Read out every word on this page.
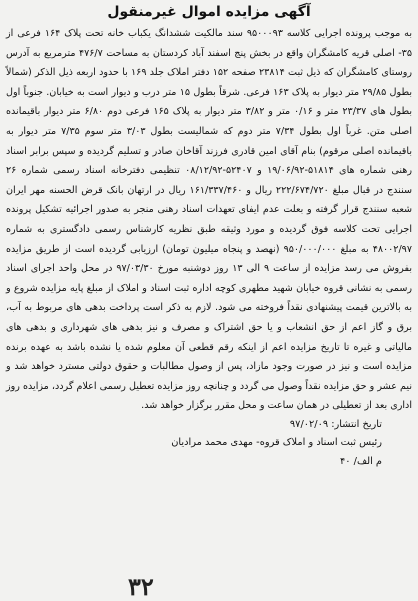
آگهی مزایده اموال غیرمنقول
به موجب پرونده اجرایی کلاسه ۹۵۰۰۰۹۳ سند مالکیت ششدانگ یکباب خانه تحت پلاک ۱۶۴ فرعی از ۳۵- اصلی قریه کامشگران واقع در بخش پنج اسفند آباد کردستان به مساحت ۴۷۶/۷ مترمربع به آدرس روستای کامشگران که ذیل ثبت ۲۳۸۱۴ صفحه ۱۵۲ دفتر املاک جلد ۱۶۹ با حدود اربعه ذیل الذکر (شمالاً بطول ۲۹/۸۵ متر دیوار به پلاک ۱۶۳ فرعی. شرقاً بطول ۱۵ متر درب و دیوار است به خیابان. جنوباً اول بطول های ۲۳/۳۷ متر و ۰/۱۶ متر و ۳/۸۲ متر دیوار به پلاک ۱۶۵ فرعی دوم ۶/۸۰ متر دیوار باقیمانده اصلی متن. غرباً اول بطول ۷/۳۴ متر دوم که شمالیست بطول ۳/۰۳ متر سوم ۷/۳۵ متر دیوار به باقیمانده اصلی مرقوم) بنام آقای امین قادری فرزند آقاخان صادر و تسلیم گردیده و سپس برابر اسناد رهنی شماره های ۵۱۸۱۴-۱۹/۰۶/۹۲ و ۵۲۴۰۷-۰۸/۱۲/۹۲ تنظیمی دفترخانه اسناد رسمی شماره ۲۶ سنندج در قبال مبلغ ۲۲۲/۶۷۴/۷۲۰ ریال و ۱۶۱/۳۳۷/۴۶۰ ریال در ارتهان بانک قرض الحسنه مهر ایران شعبه سنندج قرار گرفته و بعلت عدم ایفای تعهدات اسناد رهنی منجر به صدور اجرائیه تشکیل پرونده اجرایی تحت کلاسه فوق گردیده و مورد وثیقه طبق نظریه کارشناس رسمی دادگستری به شماره ۴۸۰۰۲/۹۷ به مبلغ ۹۵۰/۰۰۰/۰۰۰ (نهصد و پنجاه میلیون تومان) ارزیابی گردیده است از طریق مزایده بفروش می رسد مزایده از ساعت ۹ الی ۱۳ روز دوشنبه مورخ ۹۷/۰۳/۳۰ در محل واحد اجرای اسناد رسمی به نشانی قروه خیابان شهید مطهری کوچه اداره ثبت اسناد و املاک از مبلغ پایه مزایده شروع و به بالاترین قیمت پیشنهادی نقداً فروخته می شود. لازم به ذکر است پرداخت بدهی های مربوط به آب، برق و گاز اعم از حق انشعاب و یا حق اشتراک و مصرف و نیز بدهی های شهرداری و بدهی های مالیاتی و غیره تا تاریخ مزایده اعم از اینکه رقم قطعی آن معلوم شده یا نشده باشد به عهده برنده مزایده است و نیز در صورت وجود مازاد، پس از وصول مطالبات و حقوق دولتی مسترد خواهد شد و نیم عشر و حق مزایده نقداً وصول می گردد و چنانچه روز مزایده تعطیل رسمی اعلام گردد، مزایده روز اداری بعد از تعطیلی در همان ساعت و محل مقرر برگزار خواهد شد.
تاریخ انتشار: ۹۷/۰۲/۰۹
رئیس ثبت اسناد و املاک قروه- مهدی محمد مرادیان
م الف/ ۴۰
٣٢
